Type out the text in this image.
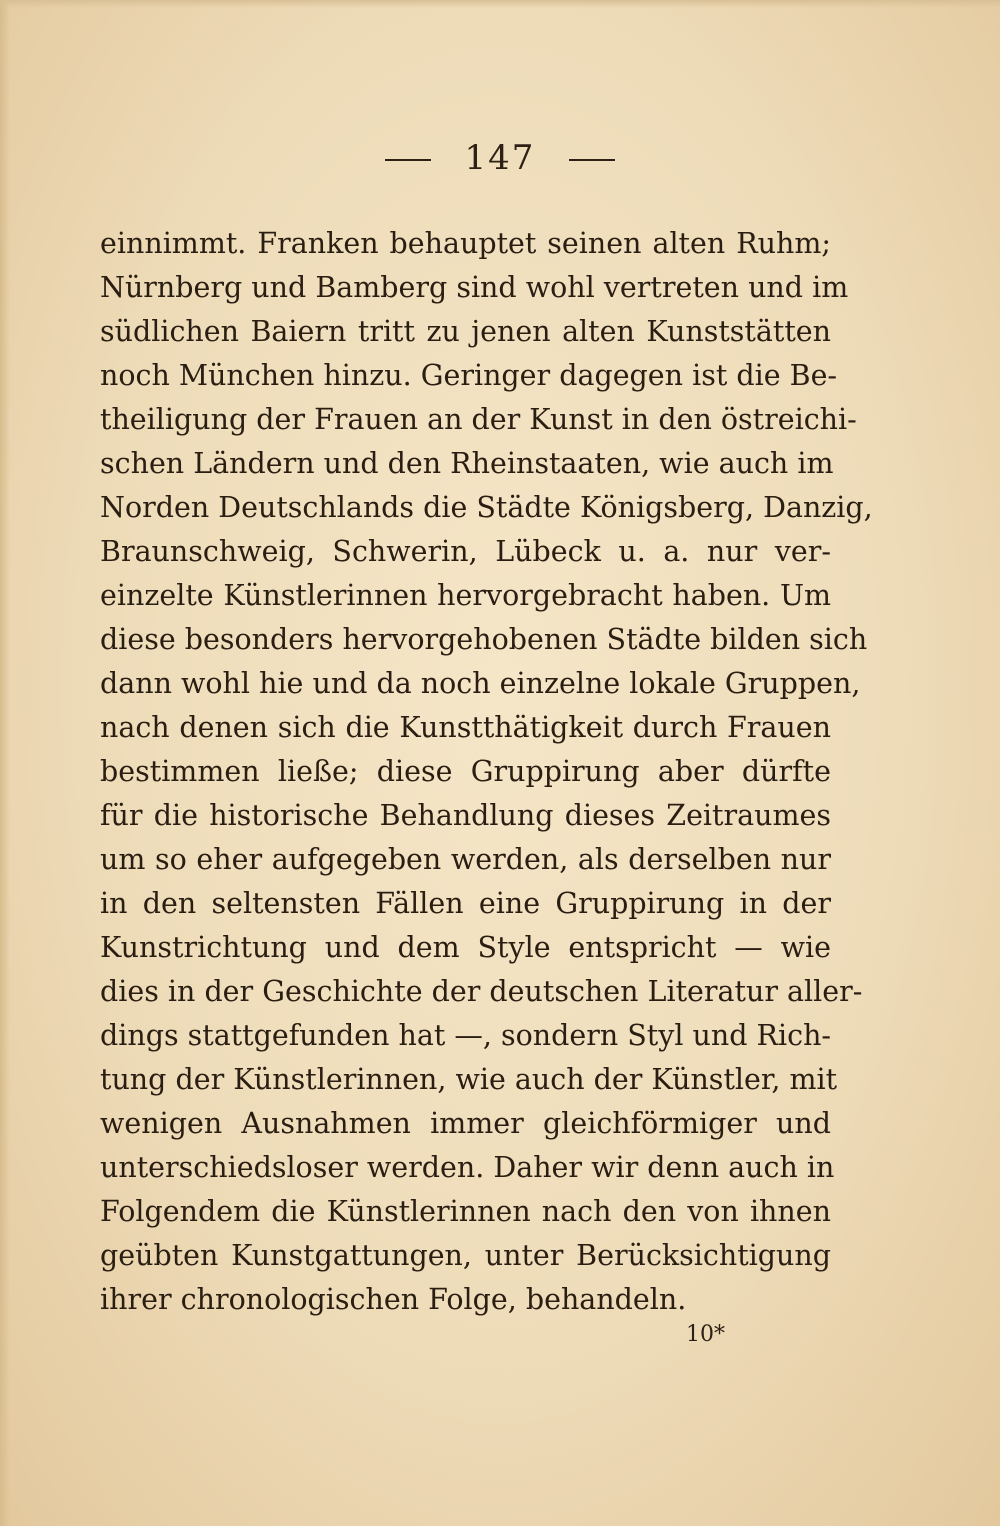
147
einnimmt. Franken behauptet seinen alten Ruhm;
Nürnberg und Bamberg sind wohl vertreten und im
südlichen Baiern tritt zu jenen alten Kunststätten
noch München hinzu. Geringer dagegen ist die Be-
theiligung der Frauen an der Kunst in den östreichi-
schen Ländern und den Rheinstaaten, wie auch im
Norden Deutschlands die Städte Königsberg, Danzig,
Braunschweig, Schwerin, Lübeck u. a. nur ver-
einzelte Künstlerinnen hervorgebracht haben. Um
diese besonders hervorgehobenen Städte bilden sich
dann wohl hie und da noch einzelne lokale Gruppen,
nach denen sich die Kunstthätigkeit durch Frauen
bestimmen ließe; diese Gruppirung aber dürfte
für die historische Behandlung dieses Zeitraumes
um so eher aufgegeben werden, als derselben nur
in den seltensten Fällen eine Gruppirung in der
Kunstrichtung und dem Style entspricht — wie
dies in der Geschichte der deutschen Literatur aller-
dings stattgefunden hat —, sondern Styl und Rich-
tung der Künstlerinnen, wie auch der Künstler, mit
wenigen Ausnahmen immer gleichförmiger und
unterschiedsloser werden. Daher wir denn auch in
Folgendem die Künstlerinnen nach den von ihnen
geübten Kunstgattungen, unter Berücksichtigung
ihrer chronologischen Folge, behandeln.
10*
